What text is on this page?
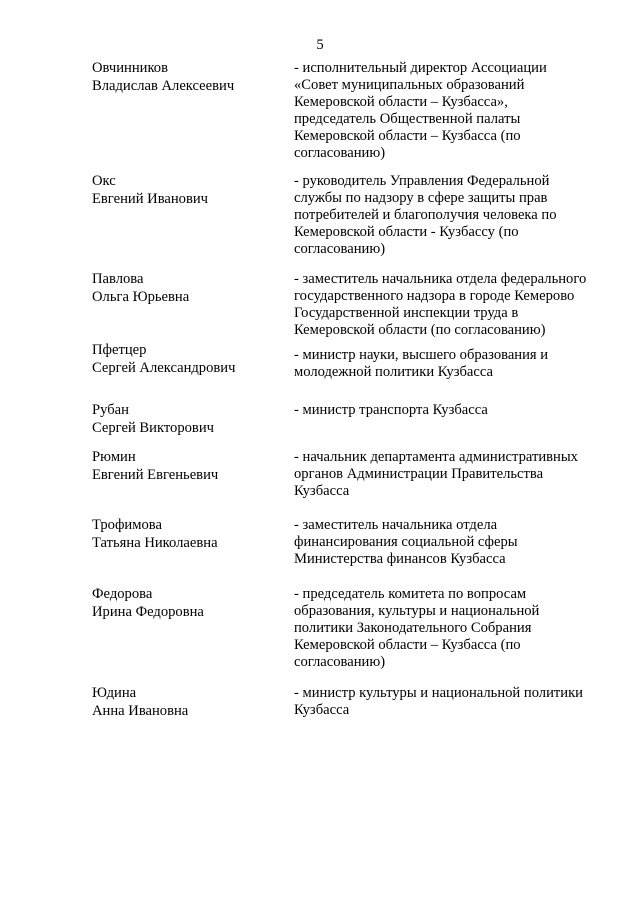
5
Овчинников
Владислав Алексеевич
- исполнительный директор Ассоциации
«Совет муниципальных образований
Кемеровской области – Кузбасса»,
председатель Общественной палаты
Кемеровской области – Кузбасса (по
согласованию)
Окс
Евгений Иванович
- руководитель Управления Федеральной
службы по надзору в сфере защиты прав
потребителей и благополучия человека по
Кемеровской области - Кузбассу (по
согласованию)
Павлова
Ольга Юрьевна
- заместитель начальника отдела федерального
государственного надзора в городе Кемерово
Государственной инспекции труда в
Кемеровской области (по согласованию)
Пфетцер
Сергей Александрович
- министр науки, высшего образования и
молодежной политики Кузбасса
Рубан
Сергей Викторович
- министр транспорта Кузбасса
Рюмин
Евгений Евгеньевич
- начальник департамента административных
органов Администрации Правительства
Кузбасса
Трофимова
Татьяна Николаевна
- заместитель начальника отдела
финансирования социальной сферы
Министерства финансов Кузбасса
Федорова
Ирина Федоровна
- председатель комитета по вопросам
образования, культуры и национальной
политики Законодательного Собрания
Кемеровской области – Кузбасса (по
согласованию)
Юдина
Анна Ивановна
- министр культуры и национальной политики
Кузбасса
